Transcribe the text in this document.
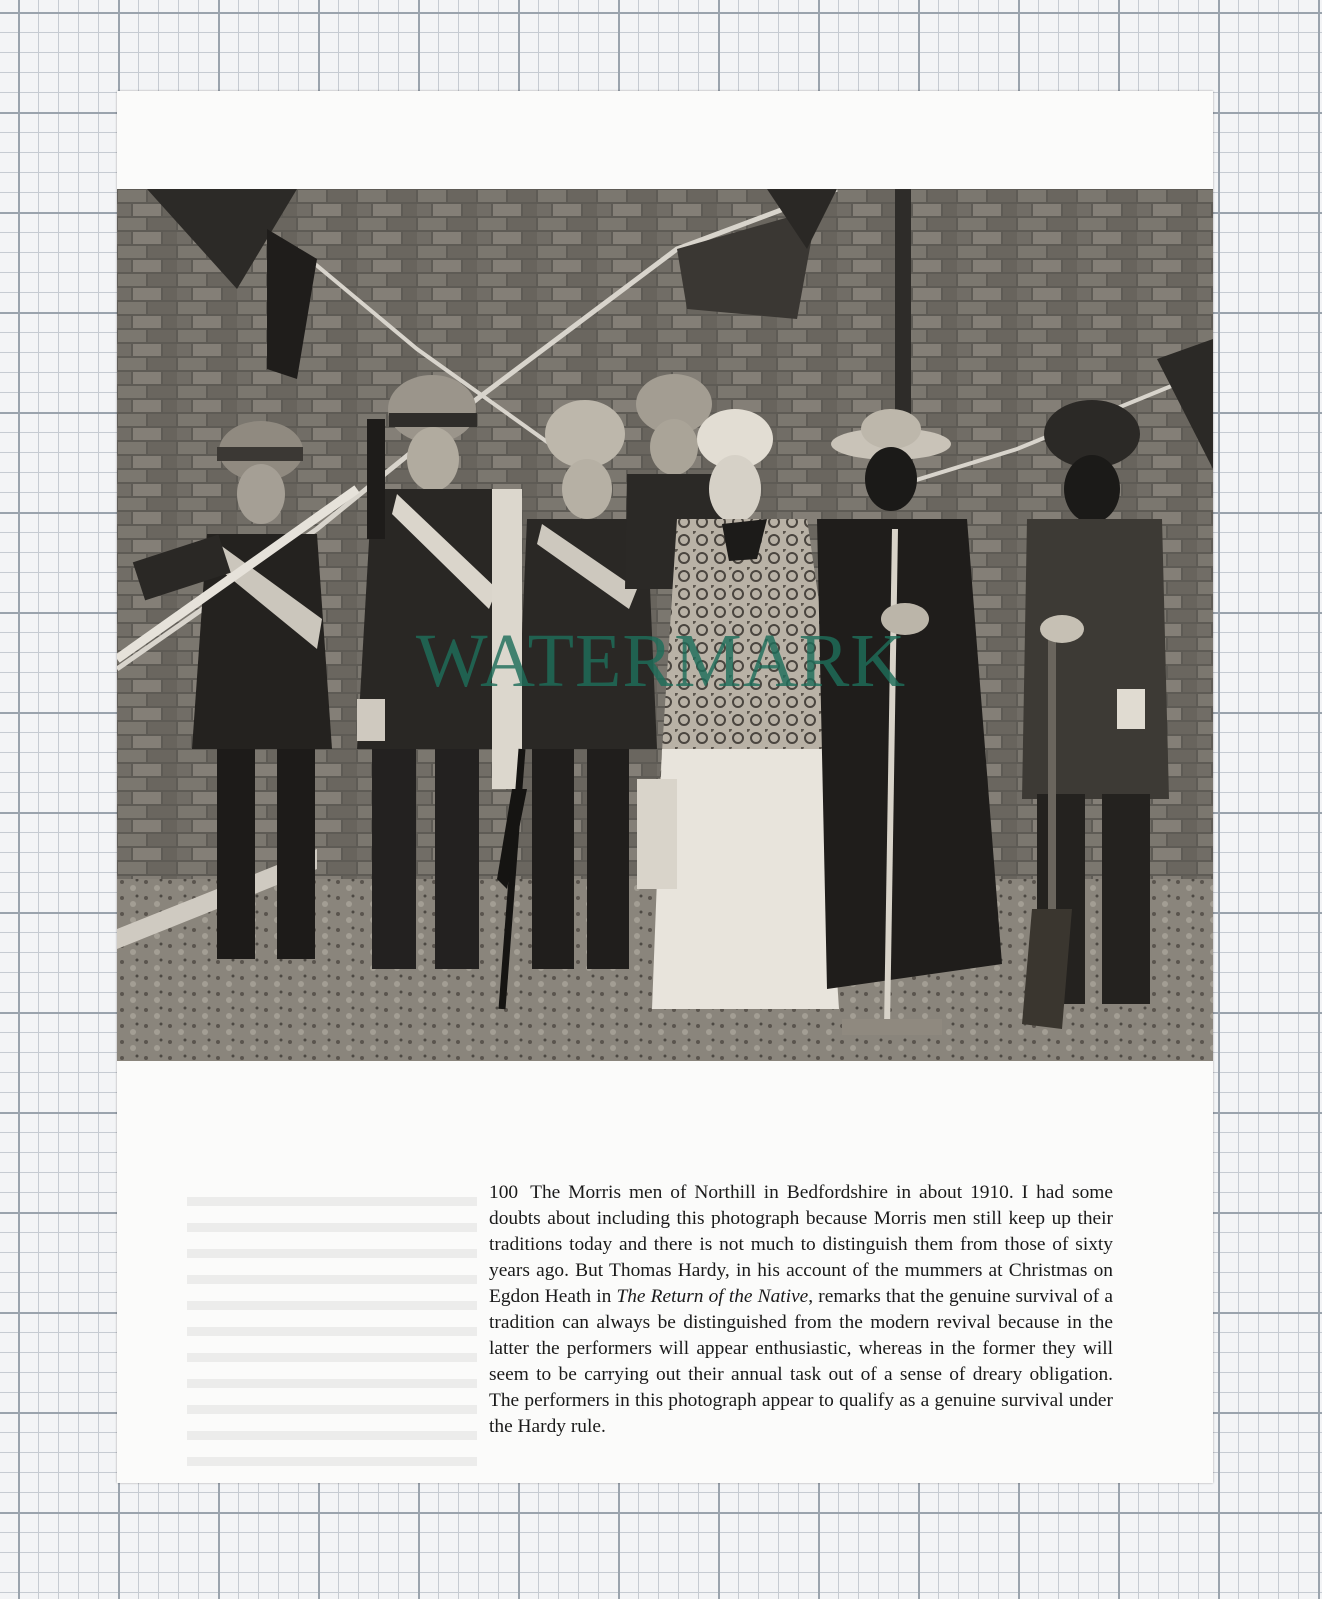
100 The Morris men of Northill in Bedfordshire in about 1910. I had some doubts about including this photograph because Morris men still keep up their traditions today and there is not much to distinguish them from those of sixty years ago. But Thomas Hardy, in his account of the mummers at Christmas on Egdon Heath in The Return of the Native, remarks that the genuine survival of a tradition can always be distinguished from the modern revival because in the latter the performers will appear enthusiastic, whereas in the former they will seem to be carrying out their annual task out of a sense of dreary obligation. The performers in this photograph appear to qualify as a genuine survival under the Hardy rule.

WATERMARK
